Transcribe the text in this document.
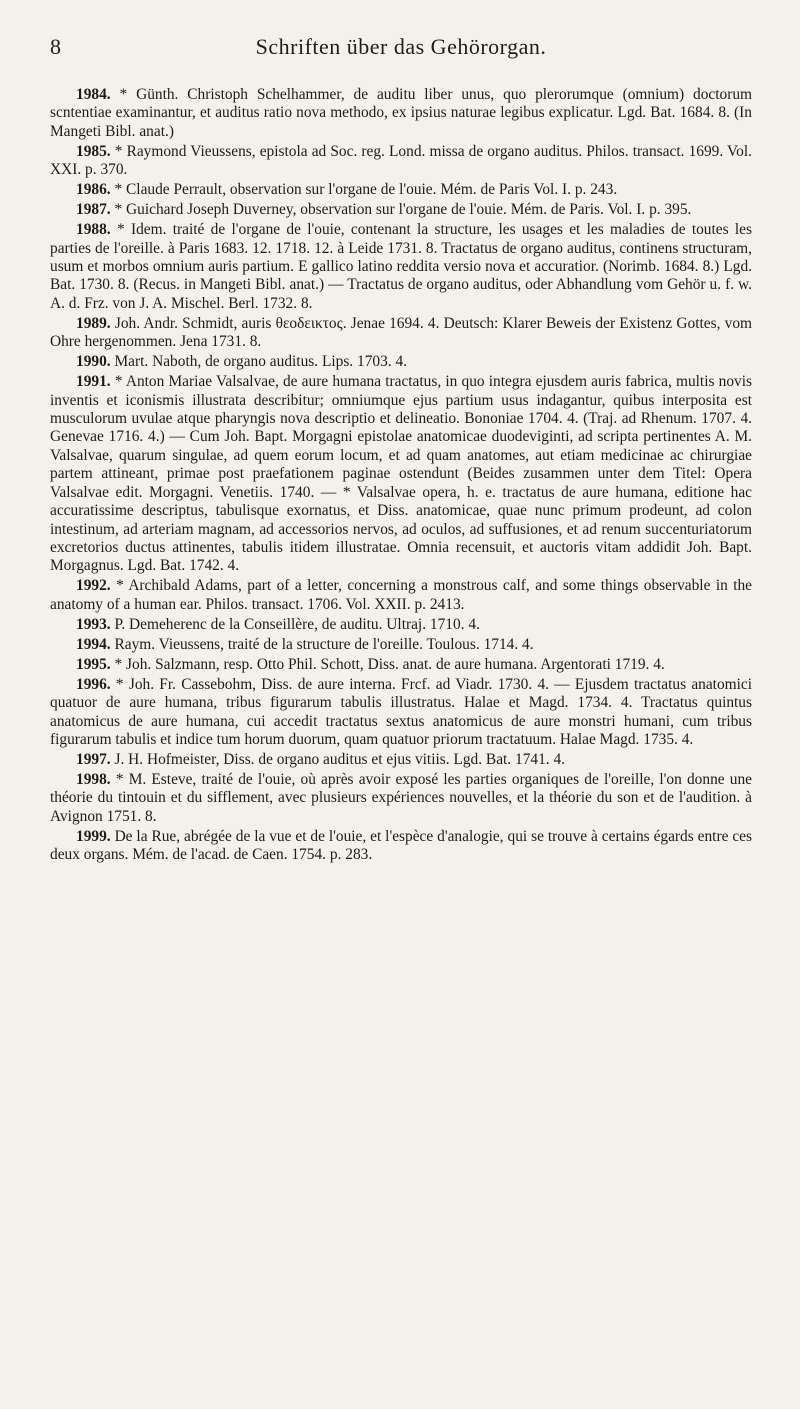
8	Schriften über das Gehörorgan.

1984. * Günth. Christoph Schelhammer, de auditu liber unus, quo plerorumque (omnium) doctorum scntentiae examinantur, et auditus ratio nova methodo, ex ipsius naturae legibus explicatur. Lgd. Bat. 1684. 8. (In Mangeti Bibl. anat.)

1985. * Raymond Vieussens, epistola ad Soc. reg. Lond. missa de organo auditus. Philos. transact. 1699. Vol. XXI. p. 370.

1986. * Claude Perrault, observation sur l'organe de l'ouie. Mém. de Paris Vol. I. p. 243.

1987. * Guichard Joseph Duverney, observation sur l'organe de l'ouie. Mém. de Paris. Vol. I. p. 395.

1988. * Idem. traité de l'organe de l'ouie, contenant la structure, les usages et les maladies de toutes les parties de l'oreille. à Paris 1683. 12. 1718. 12. à Leide 1731. 8. Tractatus de organo auditus, continens structuram, usum et morbos omnium auris partium. E gallico latino reddita versio nova et accuratior. (Norimb. 1684. 8.) Lgd. Bat. 1730. 8. (Recus. in Mangeti Bibl. anat.) — Tractatus de organo auditus, oder Abhandlung vom Gehör u. f. w. A. d. Frz. von J. A. Mischel. Berl. 1732. 8.

1989. Joh. Andr. Schmidt, auris θεοδεικτος. Jenae 1694. 4. Deutsch: Klarer Beweis der Existenz Gottes, vom Ohre hergenommen. Jena 1731. 8.

1990. Mart. Naboth, de organo auditus. Lips. 1703. 4.

1991. * Anton Mariae Valsalvae, de aure humana tractatus, in quo integra ejusdem auris fabrica, multis novis inventis et iconismis illustrata describitur; omniumque ejus partium usus indagantur, quibus interposita est musculorum uvulae atque pharyngis nova descriptio et delineatio. Bononiae 1704. 4. (Traj. ad Rhenum. 1707. 4. Genevae 1716. 4.) — Cum Joh. Bapt. Morgagni epistolae anatomicae duodeviginti, ad scripta pertinentes A. M. Valsalvae, quarum singulae, ad quem eorum locum, et ad quam anatomes, aut etiam medicinae ac chirurgiae partem attineant, primae post praefationem paginae ostendunt (Beides zusammen unter dem Titel: Opera Valsalvae edit. Morgagni. Venetiis. 1740. — * Valsalvae opera, h. e. tractatus de aure humana, editione hac accuratissime descriptus, tabulisque exornatus, et Diss. anatomicae, quae nunc primum prodeunt, ad colon intestinum, ad arteriam magnam, ad accessorios nervos, ad oculos, ad suffusiones, et ad renum succenturiatorum excretorios ductus attinentes, tabulis itidem illustratae. Omnia recensuit, et auctoris vitam addidit Joh. Bapt. Morgagnus. Lgd. Bat. 1742. 4.

1992. * Archibald Adams, part of a letter, concerning a monstrous calf, and some things observable in the anatomy of a human ear. Philos. transact. 1706. Vol. XXII. p. 2413.

1993. P. Demeherenc de la Conseillère, de auditu. Ultraj. 1710. 4.

1994. Raym. Vieussens, traité de la structure de l'oreille. Toulous. 1714. 4.

1995. * Joh. Salzmann, resp. Otto Phil. Schott, Diss. anat. de aure humana. Argentorati 1719. 4.

1996. * Joh. Fr. Cassebohm, Diss. de aure interna. Frcf. ad Viadr. 1730. 4. — Ejusdem tractatus anatomici quatuor de aure humana, tribus figurarum tabulis illustratus. Halae et Magd. 1734. 4. Tractatus quintus anatomicus de aure humana, cui accedit tractatus sextus anatomicus de aure monstri humani, cum tribus figurarum tabulis et indice tum horum duorum, quam quatuor priorum tractatuum. Halae Magd. 1735. 4.

1997. J. H. Hofmeister, Diss. de organo auditus et ejus vitiis. Lgd. Bat. 1741. 4.

1998. * M. Esteve, traité de l'ouie, où après avoir exposé les parties organiques de l'oreille, l'on donne une théorie du tintouin et du sifflement, avec plusieurs expériences nouvelles, et la théorie du son et de l'audition. à Avignon 1751. 8.

1999. De la Rue, abrégée de la vue et de l'ouie, et l'espèce d'analogie, qui se trouve à certains égards entre ces deux organs. Mém. de l'acad. de Caen. 1754. p. 283.
